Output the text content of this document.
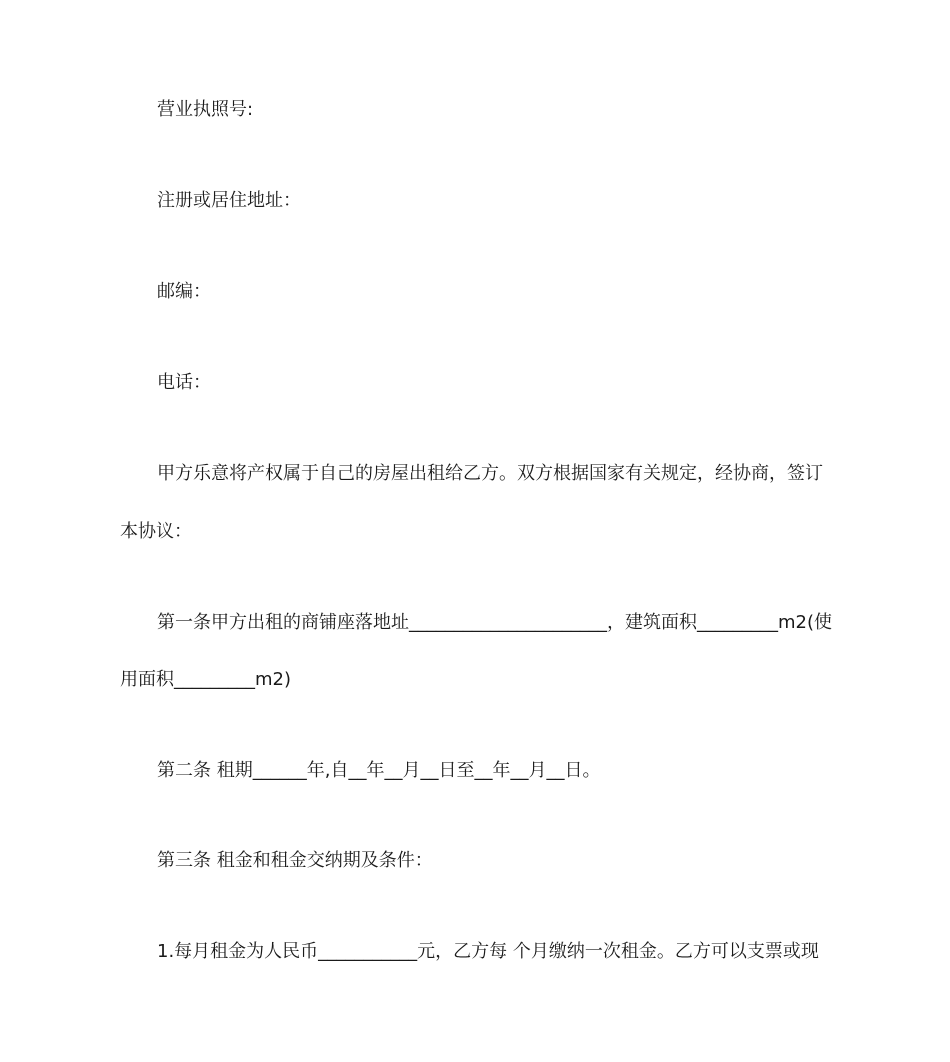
营业执照号:
注册或居住地址：
邮编：
电话：
甲方乐意将产权属于自己的房屋出租给乙方。双方根据国家有关规定，经协商，签订
本协议：
第一条甲方出租的商铺座落地址______________________，建筑面积_________m2(使
用面积_________m2)
第二条 租期______年,自__年__月__日至__年__月__日。
第三条 租金和租金交纳期及条件：
1.每月租金为人民币___________元，乙方每 个月缴纳一次租金。乙方可以支票或现
